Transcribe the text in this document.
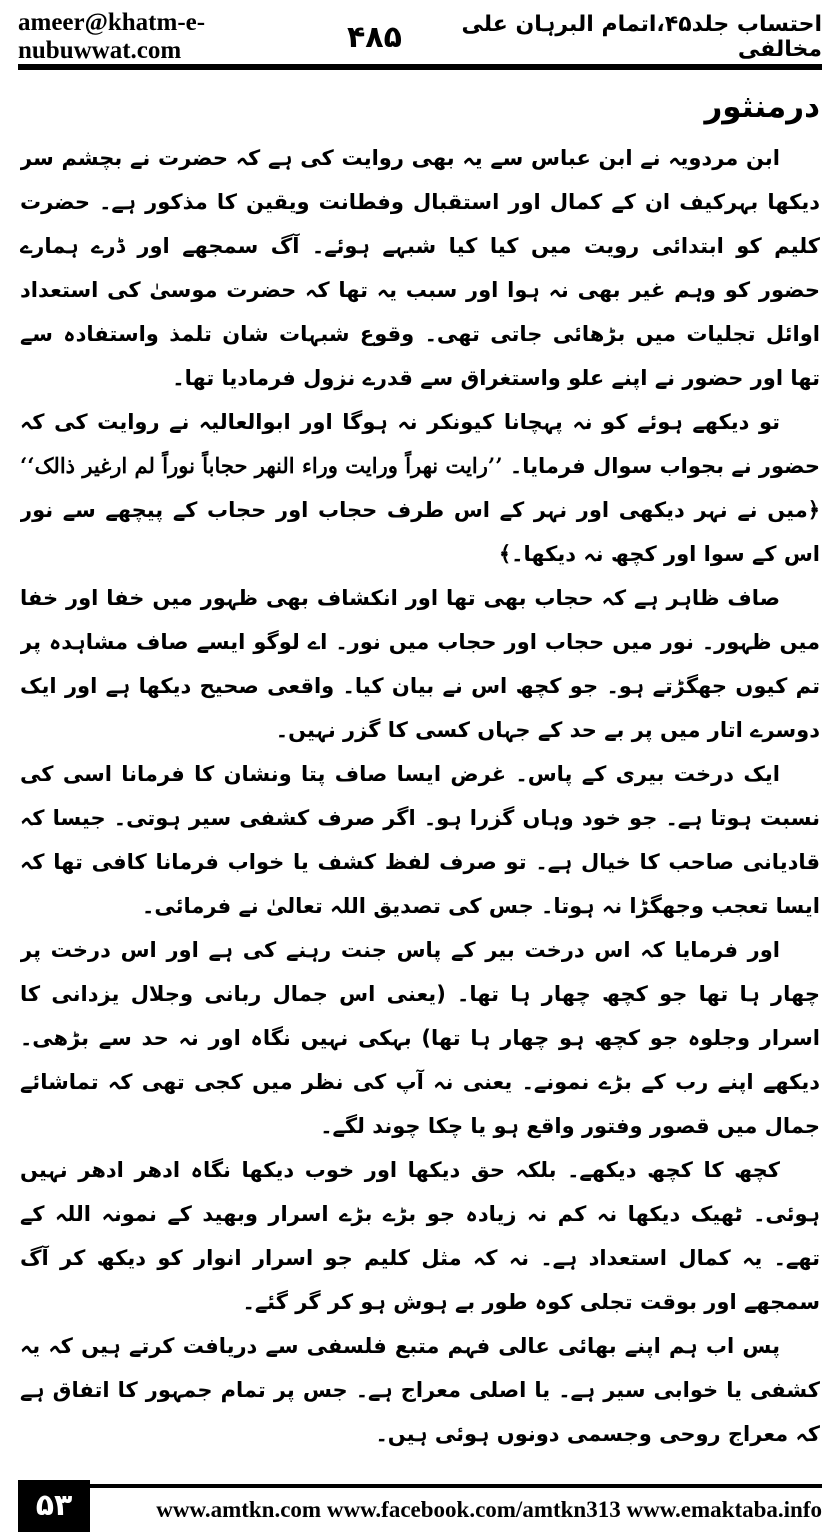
ameer@khatm-e-nubuwwat.com	۴۸۵	احتساب جلد۴۵،اتمام البرہان علی مخالفی
درمنثور

ابن مردویہ نے ابن عباس سے یہ بھی روایت کی ہے کہ حضرت نے بچشم سر دیکھا بہرکیف ان کے کمال اور استقبال وفطانت ویقین کا مذکور ہے۔ حضرت کلیم کو ابتدائی رویت میں کیا کیا شبہے ہوئے۔ آگ سمجھے اور ڈرے ہمارے حضور کو وہم غیر بھی نہ ہوا اور سبب یہ تھا کہ حضرت موسیٰ کی استعداد اوائل تجلیات میں بڑھائی جاتی تھی۔ وقوع شبہات شان تلمذ واستفادہ سے تھا اور حضور نے اپنے علو واستغراق سے قدرے نزول فرمادیا تھا۔

تو دیکھے ہوئے کو نہ پہچانا کیونکر نہ ہوگا اور ابوالعالیہ نے روایت کی کہ حضور نے بجواب سوال فرمایا۔ ’’رایت نھراً ورایت وراء النھر حجاباً نوراً لم ارغیر ذالک‘‘ ﴿میں نے نہر دیکھی اور نہر کے اس طرف حجاب اور حجاب کے پیچھے سے نور اس کے سوا اور کچھ نہ دیکھا۔﴾

صاف ظاہر ہے کہ حجاب بھی تھا اور انکشاف بھی ظہور میں خفا اور خفا میں ظہور۔ نور میں حجاب اور حجاب میں نور۔ اے لوگو ایسے صاف مشاہدہ پر تم کیوں جھگڑتے ہو۔ جو کچھ اس نے بیان کیا۔ واقعی صحیح دیکھا ہے اور ایک دوسرے اتار میں پر بے حد کے جہاں کسی کا گزر نہیں۔

ایک درخت بیری کے پاس۔ غرض ایسا صاف پتا ونشان کا فرمانا اسی کی نسبت ہوتا ہے۔ جو خود وہاں گزرا ہو۔ اگر صرف کشفی سیر ہوتی۔ جیسا کہ قادیانی صاحب کا خیال ہے۔ تو صرف لفظ کشف یا خواب فرمانا کافی تھا کہ ایسا تعجب وجھگڑا نہ ہوتا۔ جس کی تصدیق اللہ تعالیٰ نے فرمائی۔

اور فرمایا کہ اس درخت بیر کے پاس جنت رہنے کی ہے اور اس درخت پر چھار ہا تھا جو کچھ چھار ہا تھا۔ (یعنی اس جمال ربانی وجلال یزدانی کا اسرار وجلوہ جو کچھ ہو چھار ہا تھا) بہکی نہیں نگاہ اور نہ حد سے بڑھی۔ دیکھے اپنے رب کے بڑے نمونے۔ یعنی نہ آپ کی نظر میں کجی تھی کہ تماشائے جمال میں قصور وفتور واقع ہو یا چکا چوند لگے۔

کچھ کا کچھ دیکھے۔ بلکہ حق دیکھا اور خوب دیکھا نگاہ ادھر ادھر نہیں ہوئی۔ ٹھیک دیکھا نہ کم نہ زیادہ جو بڑے بڑے اسرار وبھید کے نمونہ اللہ کے تھے۔ یہ کمال استعداد ہے۔ نہ کہ مثل کلیم جو اسرار انوار کو دیکھ کر آگ سمجھے اور بوقت تجلی کوہ طور بے ہوش ہو کر گر گئے۔

پس اب ہم اپنے بھائی عالی فہم متبع فلسفی سے دریافت کرتے ہیں کہ یہ کشفی یا خوابی سیر ہے۔ یا اصلی معراج ہے۔ جس پر تمام جمہور کا اتفاق ہے کہ معراج روحی وجسمی دونوں ہوئی ہیں۔

۵۳	www.amtkn.com www.facebook.com/amtkn313 www.emaktaba.info
